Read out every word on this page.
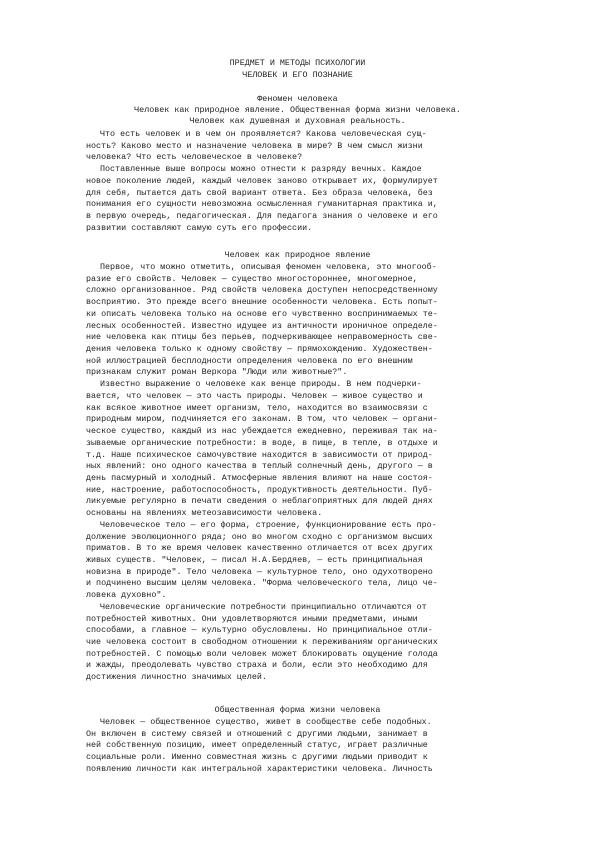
ПРЕДМЕТ И МЕТОДЫ ПСИХОЛОГИИ
ЧЕЛОВЕК И ЕГО ПОЗНАНИЕ
Феномен человека
Человек как природное явление. Общественная форма жизни человека.
Человек как душевная и духовная реальность.
Что есть человек и в чем он проявляется? Какова человеческая сущ-
ность? Каково место и назначение человека в мире? В чем смысл жизни
человека? Что есть человеческое в человеке?
Поставленные выше вопросы можно отнести к разряду вечных. Каждое
новое поколение людей, каждый человек заново открывает их, формулирует
для себя, пытается дать свой вариант ответа. Без образа человека, без
понимания его сущности невозможна осмысленная гуманитарная практика и,
в первую очередь, педагогическая. Для педагога знания о человеке и его
развитии составляют самую суть его профессии.
Человек как природное явление
Первое, что можно отметить, описывая феномен человека, это многооб-
разие его свойств. Человек — существо многостороннее, многомерное,
сложно организованное. Ряд свойств человека доступен непосредственному
восприятию. Это прежде всего внешние особенности человека. Есть попыт-
ки описать человека только на основе его чувственно воспринимаемых те-
лесных особенностей. Известно идущее из античности ироничное определе-
ние человека как птицы без перьев, подчеркивающее неправомерность све-
дения человека только к одному свойству — прямохождению. Художествен-
ной иллюстрацией бесплодности определения человека по его внешним
признакам служит роман Веркора "Люди или животные?".
Известно выражение о человеке как венце природы. В нем подчерки-
вается, что человек — это часть природы. Человек — живое существо и
как всякое животное имеет организм, тело, находится во взаимосвязи с
природным миром, подчиняется его законам. В том, что человек — органи-
ческое существо, каждый из нас убеждается ежедневно, переживая так на-
зываемые органические потребности: в воде, в пище, в тепле, в отдыхе и
т.д. Наше психическое самочувствие находится в зависимости от природ-
ных явлений: оно одного качества в теплый солнечный день, другого — в
день пасмурный и холодный. Атмосферные явления влияют на наше состоя-
ние, настроение, работоспособность, продуктивность деятельности. Пуб-
ликуемые регулярно в печати сведения о неблагоприятных для людей днях
основаны на явлениях метеозависимости человека.
Человеческое тело — его форма, строение, функционирование есть про-
должение эволюционного ряда; оно во многом сходно с организмом высших
приматов. В то же время человек качественно отличается от всех других
живых существ. "Человек, — писал Н.А.Бердяев, — есть принципиальная
новизна в природе". Тело человека — культурное тело, оно одухотворено
и подчинено высшим целям человека. "Форма человеческого тела, лицо че-
ловека духовно".
Человеческие органические потребности принципиально отличаются от
потребностей животных. Они удовлетворяются иными предметами, иными
способами, а главное — культурно обусловлены. Но принципиальное отли-
чие человека состоит в свободном отношении к переживаниям органических
потребностей. С помощью воли человек может блокировать ощущение голода
и жажды, преодолевать чувство страха и боли, если это необходимо для
достижения личностно значимых целей.
Общественная форма жизни человека
Человек — общественное существо, живет в сообществе себе подобных.
Он включен в систему связей и отношений с другими людьми, занимает в
ней собственную позицию, имеет определенный статус, играет различные
социальные роли. Именно совместная жизнь с другими людьми приводит к
появлению личности как интегральной характеристики человека. Личность
